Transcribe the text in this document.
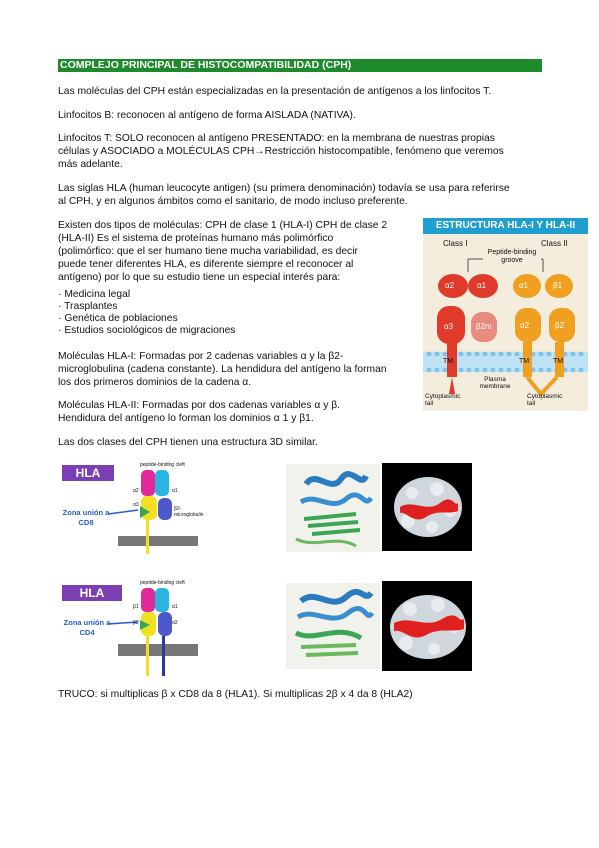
COMPLEJO PRINCIPAL DE HISTOCOMPATIBILIDAD (CPH)

Las moléculas del CPH están especializadas en la presentación de antígenos a los linfocitos T.

Linfocitos B: reconocen al antígeno de forma AISLADA (NATIVA).

Linfocitos T: SOLO reconocen al antígeno PRESENTADO: en la membrana de nuestras propias

células y ASOCIADO a MOLÉCULAS CPH→Restricción histocompatible, fenómeno que veremos

más adelante.

Las siglas HLA (human leucocyte antigen) (su primera denominación) todavía se usa para referirse

al CPH, y en algunos ámbitos como el sanitario, de modo incluso preferente.

Existen dos tipos de moléculas: CPH de clase 1 (HLA-I) CPH de clase 2

(HLA-II) Es el sistema de proteínas humano más polimórfico

(polimórfico: que el ser humano tiene mucha variabilidad, es decir

puede tener diferentes HLA, es diferente siempre el reconocer al

antígeno) por lo que su estudio tiene un especial interés para:

· Medicina legal
· Trasplantes
· Genética de poblaciones
· Estudios sociológicos de migraciones

Moléculas HLA-I: Formadas por 2 cadenas variables α y la β2-

microglobulina (cadena constante). La hendidura del antígeno la forman

los dos primeros dominios de la cadena α.

Moléculas HLA-II: Formadas por dos cadenas variables α y β.

Hendidura del antígeno lo forman los dominios α 1 y β1.

Las dos clases del CPH tienen una estructura 3D similar.

ESTRUCTURA HLA-I Y HLA-II
Class I	Class II
Peptide-binding groove
α2	α1
α3	β2m
α1	β1
α2	β2
TM	TM	TM
Plasma membrane
Cytoplasmic tail
Cytoplasmic tail
HLA
Zona unión a
CD8
peptide-binding cleft
β2-microglobulin
α2	α1
α3
HLA
Zona unión a
CD4
peptide-binding cleft
β1
β2
α1
α2

TRUCO: si multiplicas β x CD8 da 8 (HLA1). Si multiplicas 2β x 4 da 8 (HLA2)
